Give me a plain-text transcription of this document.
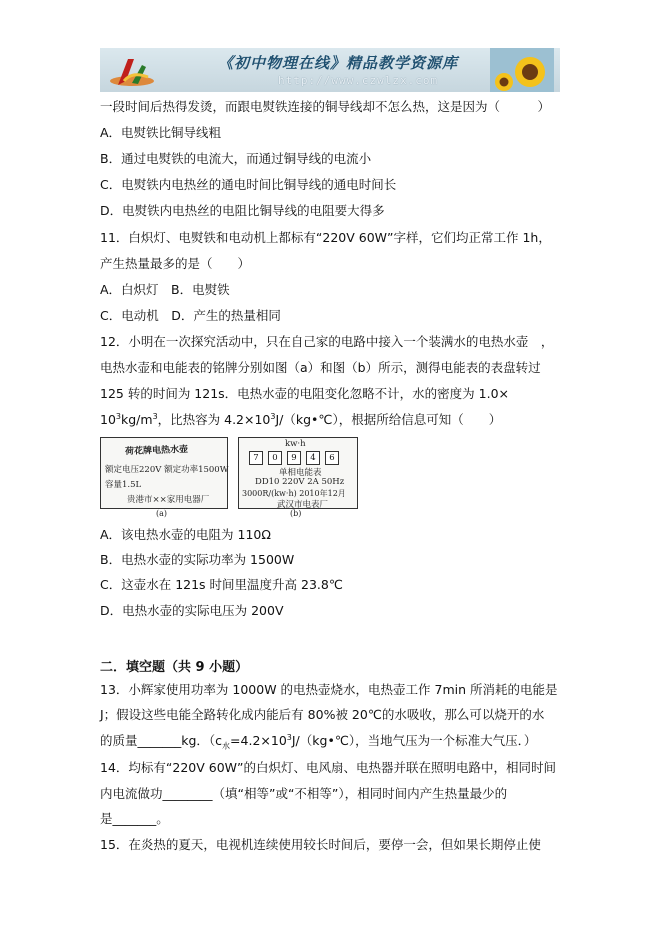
《初中物理在线》精品教学资源库
http://www.czwlzx.com
一段时间后热得发烫，而跟电熨铁连接的铜导线却不怎么热，这是因为（　　　）
A．电熨铁比铜导线粗
B．通过电熨铁的电流大，而通过铜导线的电流小
C．电熨铁内电热丝的通电时间比铜导线的通电时间长
D．电熨铁内电热丝的电阻比铜导线的电阻要大得多
11．白炽灯、电熨铁和电动机上都标有“220V 60W”字样，它们均正常工作 1h，
产生热量最多的是（　　）
A．白炽灯　B．电熨铁
C．电动机　D．产生的热量相同
12．小明在一次探究活动中，只在自己家的电路中接入一个装满水的电热水壶　，
电热水壶和电能表的铭牌分别如图（a）和图（b）所示，测得电能表的表盘转过
125 转的时间为 121s．电热水壶的电阻变化忽略不计，水的密度为 1.0×
$10^3kg/m^3$，比热容为 $4.2\times 10^3J/(kg•℃)$，根据所给信息可知（　　）
荷花牌电热水壶
额定电压220V 额定功率1500W
容量1.5L
贵港市××家用电器厂
(a)
kw·h
7	0	9	4	6
单相电能表
DD10 220V 2A 50Hz
3000R/(kw·h) 2010年12月
武汉市电表厂
(b)
A．该电热水壶的电阻为 110Ω
B．电热水壶的实际功率为 1500W
C．这壶水在 121s 时间里温度升高 23.8℃
D．电热水壶的实际电压为 200V
二．填空题（共 9 小题）
13．小辉家使用功率为 1000W 的电热壶烧水，电热壶工作 7min 所消耗的电能是
J；假设这些电能全路转化成内能后有 80%被 20℃的水吸收，那么可以烧开的水
的质量_______kg．（$c_水=4.2\times 10^3J/(kg•℃)$，当地气压为一个标准大气压．）
14．均标有“220V 60W”的白炽灯、电风扇、电热器并联在照明电路中，相同时间
内电流做功________（填“相等”或“不相等”），相同时间内产生热量最少的
是_______。
15．在炎热的夏天，电视机连续使用较长时间后，要停一会，但如果长期停止使
